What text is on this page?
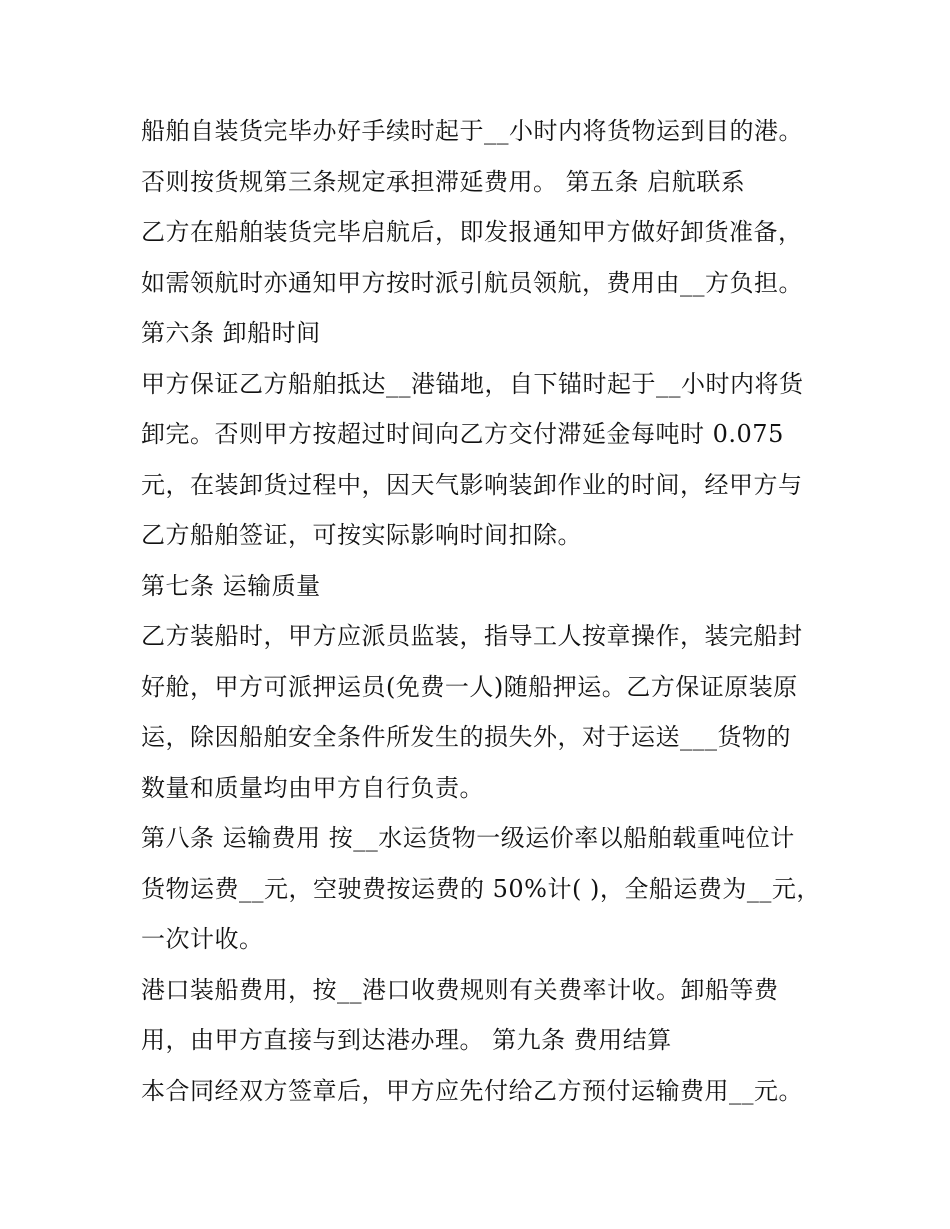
船舶自装货完毕办好手续时起于__小时内将货物运到目的港。
否则按货规第三条规定承担滞延费用。 第五条 启航联系
乙方在船舶装货完毕启航后，即发报通知甲方做好卸货准备，
如需领航时亦通知甲方按时派引航员领航，费用由__方负担。
第六条 卸船时间
甲方保证乙方船舶抵达__港锚地，自下锚时起于__小时内将货
卸完。否则甲方按超过时间向乙方交付滞延金每吨时 0.075
元，在装卸货过程中，因天气影响装卸作业的时间，经甲方与
乙方船舶签证，可按实际影响时间扣除。
第七条 运输质量
乙方装船时，甲方应派员监装，指导工人按章操作，装完船封
好舱，甲方可派押运员(免费一人)随船押运。乙方保证原装原
运，除因船舶安全条件所发生的损失外，对于运送___货物的
数量和质量均由甲方自行负责。
第八条 运输费用 按__水运货物一级运价率以船舶载重吨位计
货物运费__元，空驶费按运费的 50%计( )，全船运费为__元，
一次计收。
港口装船费用，按__港口收费规则有关费率计收。卸船等费
用，由甲方直接与到达港办理。 第九条 费用结算
本合同经双方签章后，甲方应先付给乙方预付运输费用__元。
